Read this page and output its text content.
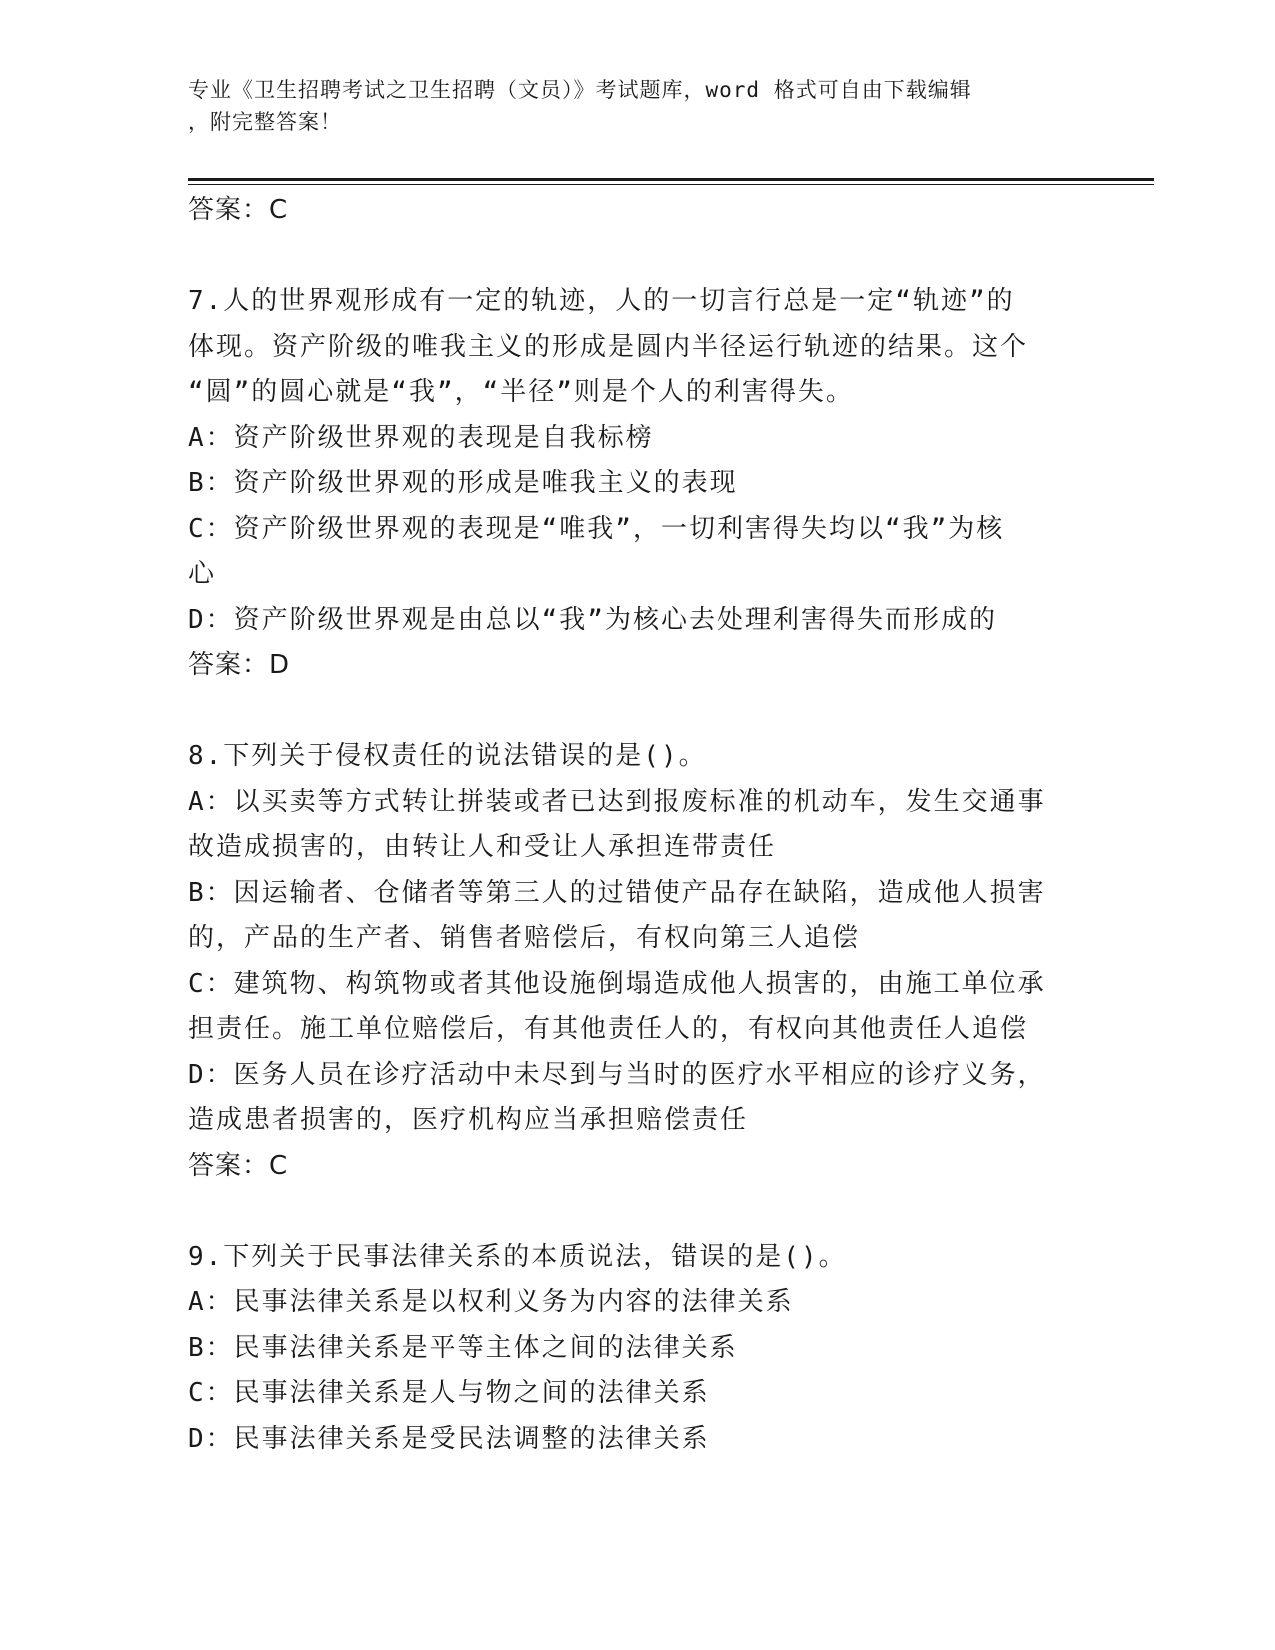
专业《卫生招聘考试之卫生招聘（文员）》考试题库，word 格式可自由下载编辑
，附完整答案！
答案：C
7.人的世界观形成有一定的轨迹，人的一切言行总是一定“轨迹”的
体现。资产阶级的唯我主义的形成是圆内半径运行轨迹的结果。这个
“圆”的圆心就是“我”，“半径”则是个人的利害得失。
A：资产阶级世界观的表现是自我标榜
B：资产阶级世界观的形成是唯我主义的表现
C：资产阶级世界观的表现是“唯我”，一切利害得失均以“我”为核
心
D：资产阶级世界观是由总以“我”为核心去处理利害得失而形成的
答案：D
8.下列关于侵权责任的说法错误的是()。
A：以买卖等方式转让拼装或者已达到报废标准的机动车，发生交通事
故造成损害的，由转让人和受让人承担连带责任
B：因运输者、仓储者等第三人的过错使产品存在缺陷，造成他人损害
的，产品的生产者、销售者赔偿后，有权向第三人追偿
C：建筑物、构筑物或者其他设施倒塌造成他人损害的，由施工单位承
担责任。施工单位赔偿后，有其他责任人的，有权向其他责任人追偿
D：医务人员在诊疗活动中未尽到与当时的医疗水平相应的诊疗义务，
造成患者损害的，医疗机构应当承担赔偿责任
答案：C
9.下列关于民事法律关系的本质说法，错误的是()。
A：民事法律关系是以权利义务为内容的法律关系
B：民事法律关系是平等主体之间的法律关系
C：民事法律关系是人与物之间的法律关系
D：民事法律关系是受民法调整的法律关系
